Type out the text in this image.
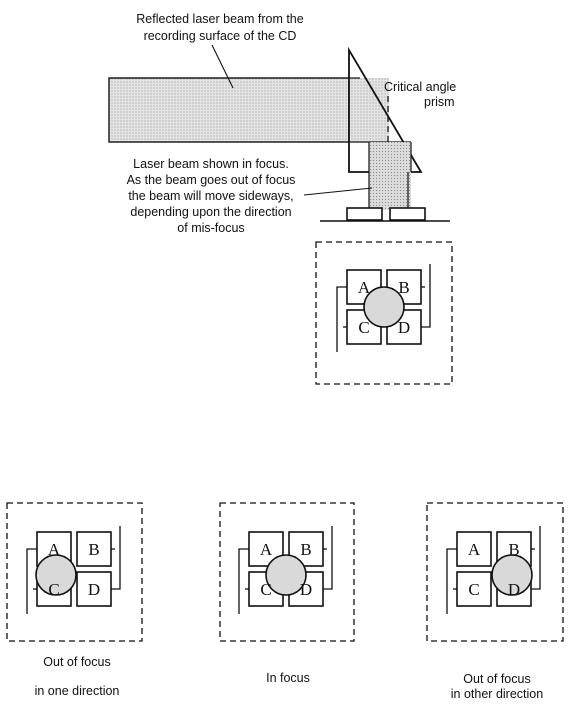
Reflected laser beam from the
recording surface of the CD
Critical angle
prism
Laser beam shown in focus.
As the beam goes out of focus
the beam will move sideways,
depending upon the direction
of mis-focus
A B
C D
A B
C D
A B
C D
A B
C D
Out of focus
in one direction
In focus	Out of focus
in other direction
